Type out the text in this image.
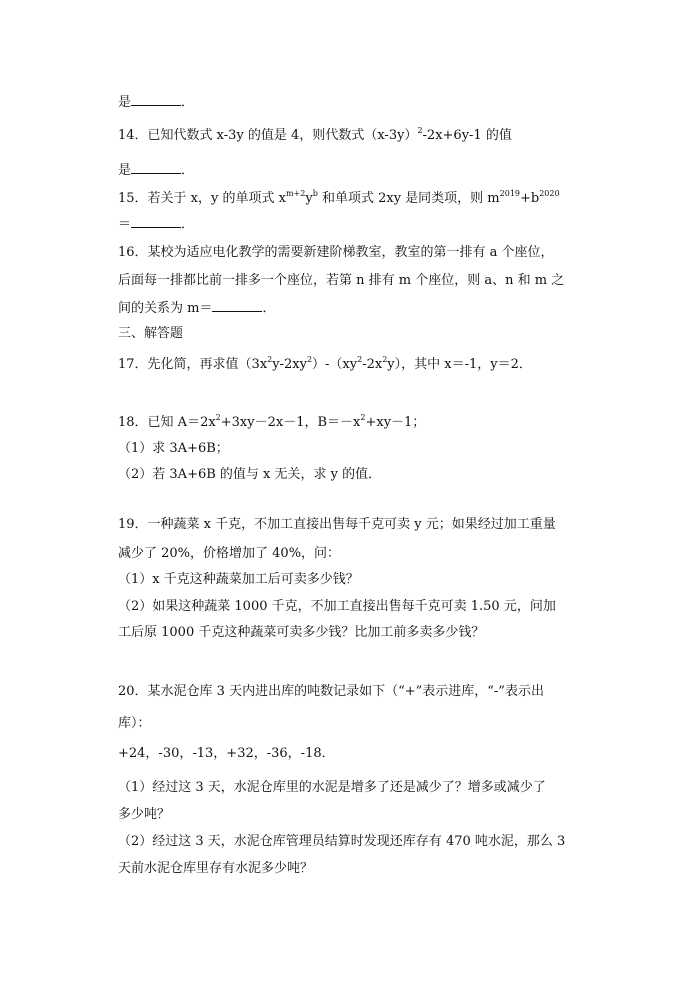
是	．
14．已知代数式 x-3y 的值是 4，则代数式$(x-3y)^2-2x+6y-1$ 的值
是	．
15．若关于 x，y 的单项式 $x^{m+2}y^b$ 和单项式 2xy 是同类项，则 $m^{2019}+b^{2020}$
＝	．
16．某校为适应电化教学的需要新建阶梯教室，教室的第一排有 a 个座位，
后面每一排都比前一排多一个座位，若第 n 排有 m 个座位，则 a、n 和 m 之
间的关系为 m＝	．
三、解答题
17．先化简，再求值$(3x^2y-2xy^2)-(xy^2-2x^2y)$，其中 x＝-1，y＝2．
18．已知 $A=2x^2+3xy-2x-1$，$B=-x^2+xy-1$；
（1）求 3A+6B；
（2）若 3A+6B 的值与 x 无关，求 y 的值．
19．一种蔬菜 x 千克，不加工直接出售每千克可卖 y 元；如果经过加工重量
减少了 20%，价格增加了 40%，问：
（1）x 千克这种蔬菜加工后可卖多少钱？
（2）如果这种蔬菜 1000 千克，不加工直接出售每千克可卖 1.50 元，问加
工后原 1000 千克这种蔬菜可卖多少钱？比加工前多卖多少钱？
20．某水泥仓库 3 天内进出库的吨数记录如下（“+”表示进库，“-”表示出
库）：
+24，-30，-13，+32，-36，-18．
（1）经过这 3 天，水泥仓库里的水泥是增多了还是减少了？增多或减少了
多少吨？
（2）经过这 3 天，水泥仓库管理员结算时发现还库存有 470 吨水泥，那么 3
天前水泥仓库里存有水泥多少吨？
